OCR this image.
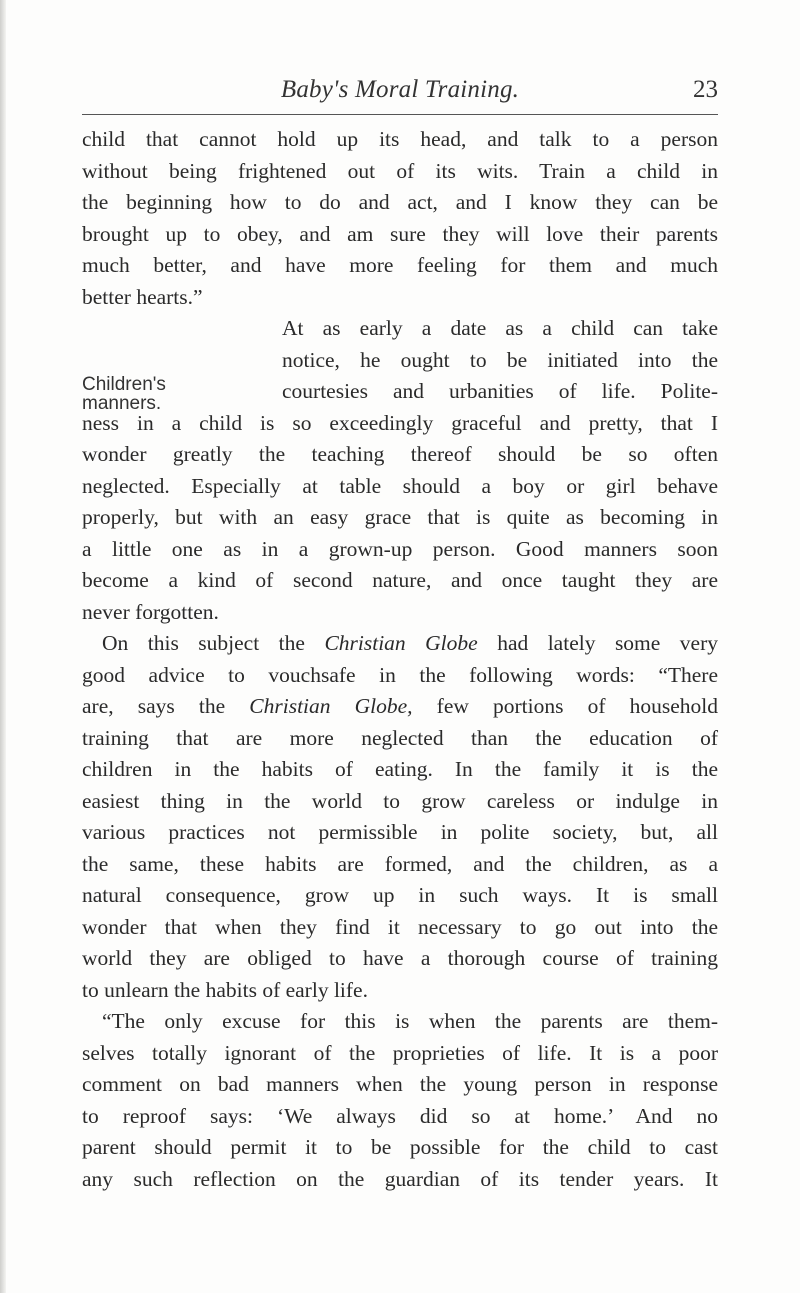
Baby's Moral Training.	23
Children's
manners.
child that cannot hold up its head, and talk to a person
without being frightened out of its wits. Train a child in
the beginning how to do and act, and I know they can be
brought up to obey, and am sure they will love their parents
much better, and have more feeling for them and much
better hearts.”
At as early a date as a child can take
notice, he ought to be initiated into the
courtesies and urbanities of life. Polite-
ness in a child is so exceedingly graceful and pretty, that I
wonder greatly the teaching thereof should be so often
neglected. Especially at table should a boy or girl behave
properly, but with an easy grace that is quite as becoming in
a little one as in a grown-up person. Good manners soon
become a kind of second nature, and once taught they are
never forgotten.
On this subject the Christian Globe had lately some very
good advice to vouchsafe in the following words: “There
are, says the Christian Globe, few portions of household
training that are more neglected than the education of
children in the habits of eating. In the family it is the
easiest thing in the world to grow careless or indulge in
various practices not permissible in polite society, but, all
the same, these habits are formed, and the children, as a
natural consequence, grow up in such ways. It is small
wonder that when they find it necessary to go out into the
world they are obliged to have a thorough course of training
to unlearn the habits of early life.
“The only excuse for this is when the parents are them-
selves totally ignorant of the proprieties of life. It is a poor
comment on bad manners when the young person in response
to reproof says: ‘We always did so at home.’ And no
parent should permit it to be possible for the child to cast
any such reflection on the guardian of its tender years. It
